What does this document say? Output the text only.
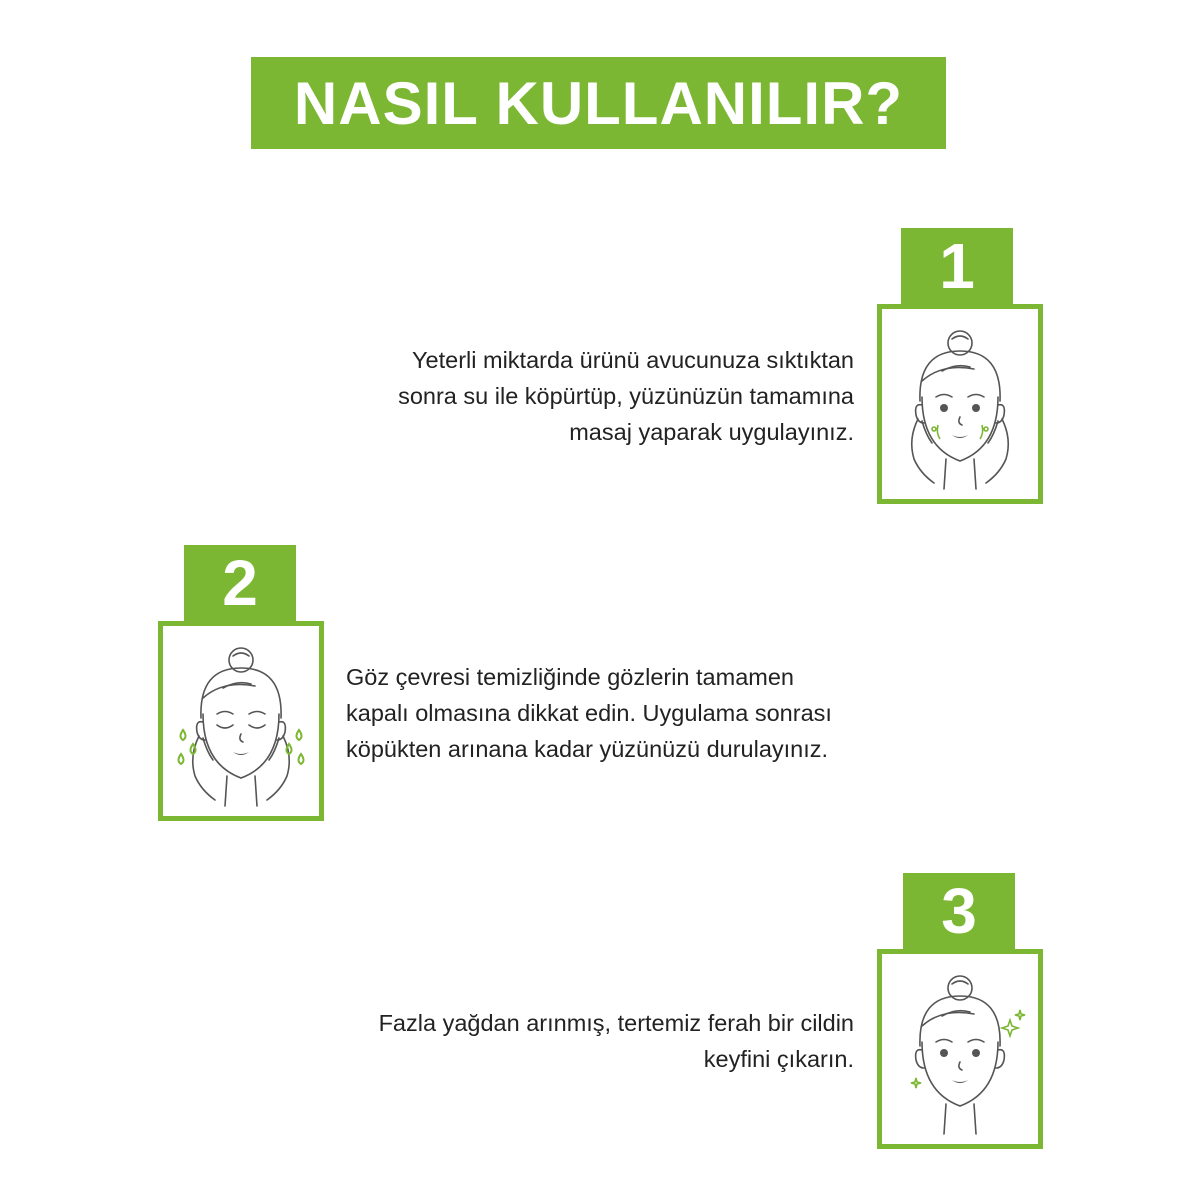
NASIL KULLANILIR?
1
Yeterli miktarda ürünü avucunuza sıktıktan
sonra su ile köpürtüp, yüzünüzün tamamına
masaj yaparak uygulayınız.
2
Göz çevresi temizliğinde gözlerin tamamen
kapalı olmasına dikkat edin. Uygulama sonrası
köpükten arınana kadar yüzünüzü durulayınız.
3
Fazla yağdan arınmış, tertemiz ferah bir cildin
keyfini çıkarın.
